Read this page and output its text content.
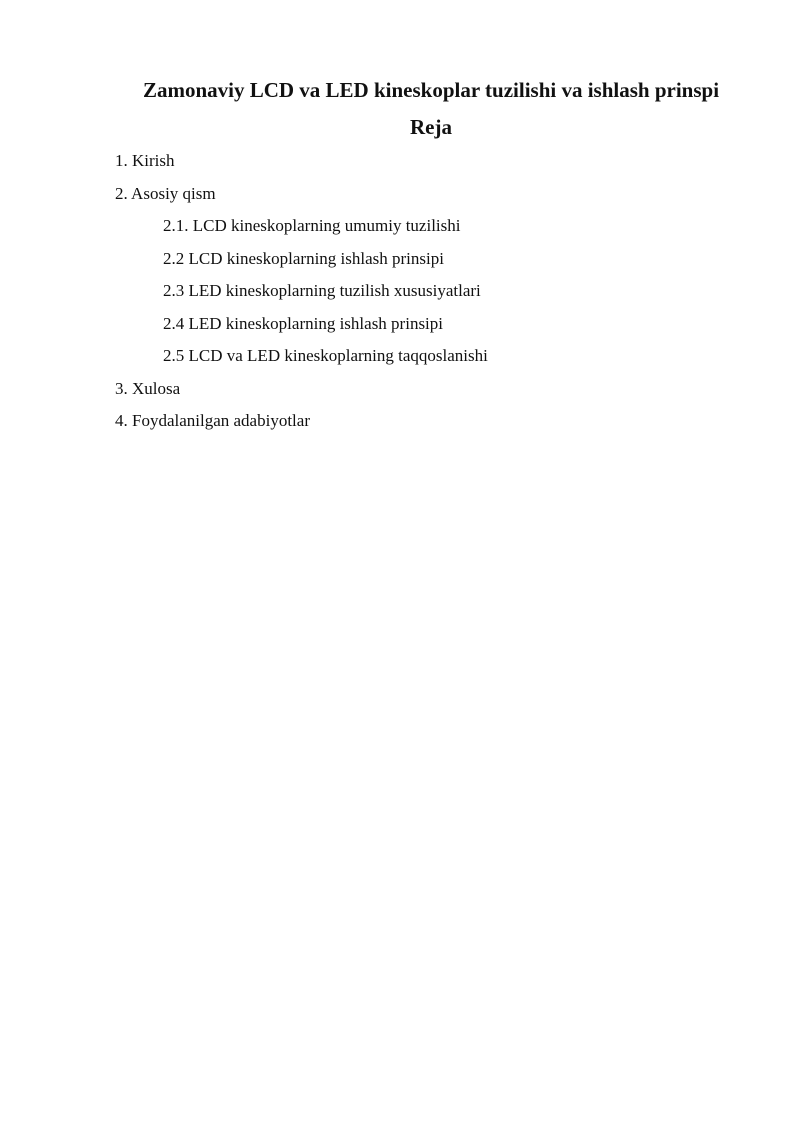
Zamonaviy LCD va LED kineskoplar tuzilishi va ishlash prinspi
Reja
1. Kirish
2. Asosiy qism
2.1. LCD kineskoplarning umumiy tuzilishi
2.2 LCD kineskoplarning ishlash prinsipi
2.3 LED kineskoplarning tuzilish xususiyatlari
2.4 LED kineskoplarning ishlash prinsipi
2.5 LCD va LED kineskoplarning taqqoslanishi
3. Xulosa
4. Foydalanilgan adabiyotlar
